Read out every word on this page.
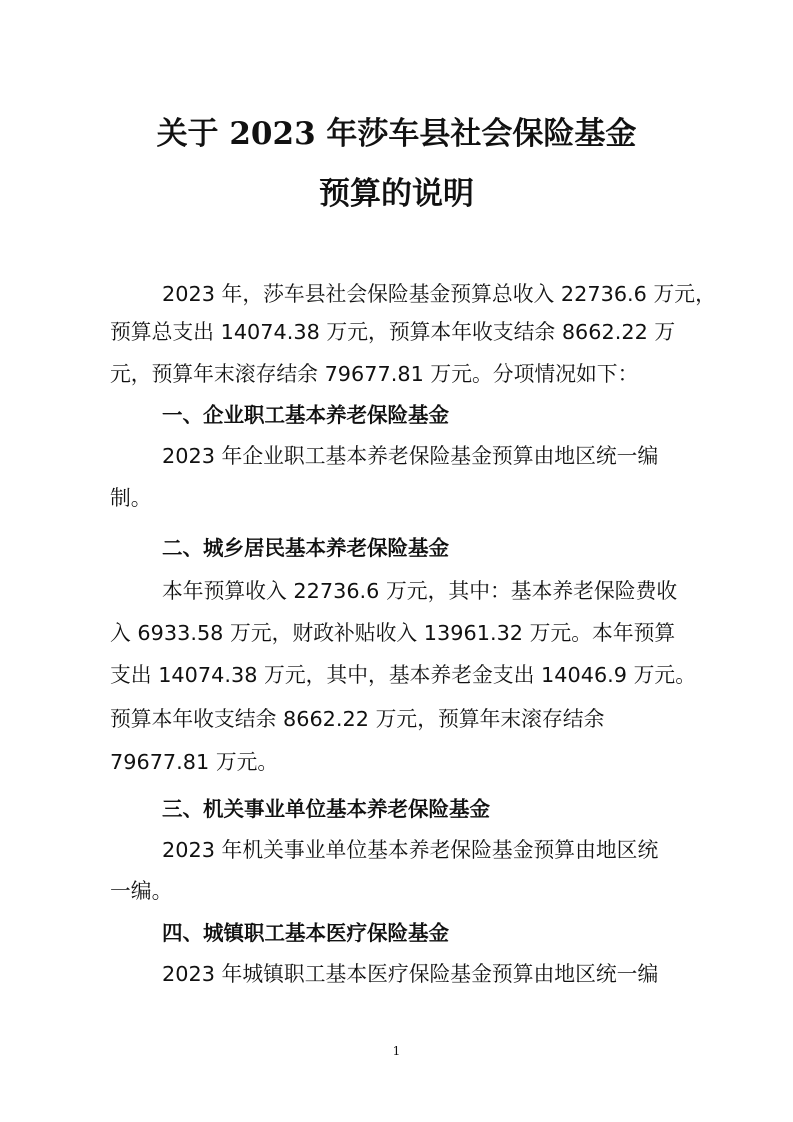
关于 2023 年莎车县社会保险基金
预算的说明
2023 年，莎车县社会保险基金预算总收入 22736.6 万元，
预算总支出 14074.38 万元，预算本年收支结余 8662.22 万
元，预算年末滚存结余 79677.81 万元。分项情况如下：
一、企业职工基本养老保险基金
2023 年企业职工基本养老保险基金预算由地区统一编
制。
二、城乡居民基本养老保险基金
本年预算收入 22736.6 万元，其中：基本养老保险费收
入 6933.58 万元，财政补贴收入 13961.32 万元。本年预算
支出 14074.38 万元，其中，基本养老金支出 14046.9 万元。
预算本年收支结余 8662.22 万元，预算年末滚存结余
79677.81 万元。
三、机关事业单位基本养老保险基金
2023 年机关事业单位基本养老保险基金预算由地区统
一编。
四、城镇职工基本医疗保险基金
2023 年城镇职工基本医疗保险基金预算由地区统一编
1
